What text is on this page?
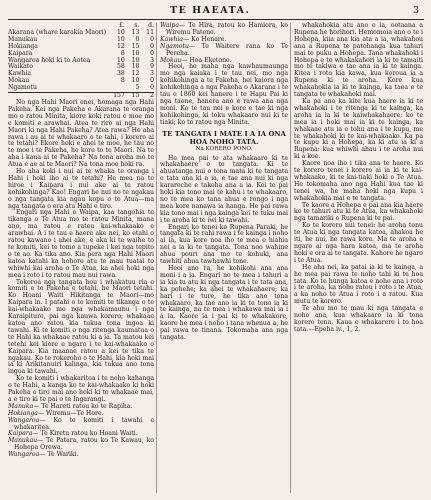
TE HAEATA.	3
	£.	s.	d.
Akarana (whare karakia Maori)	10	13	11
Manukau	10	0	0
Hokianga	12	15	0
Kaipara	8	10	0
Wangaroa hoki ki to Aotea	10	10	3
Waikato	58	18	9
Kawhia	38	12	3
Mokau	8	10	0
Ngamotu		5	0
	157	15	2

No nga Hahi Maori enei, homaga nga Hahi Pakeha. Kei nga Pakeha e Akarana te oranga mo o ratou Minita, kiore koki ratou e moe mo e komiti e arawhai. Atea te riro ai nga Hahi Maori ki nga Hahi Pakeha? Atea rawa? He aha rawa i au ai te whakaaro o te tahi, i korero ai te tetahi? Ekore hoki e ahei te moe, he tau no te moe i te Pakeha, he kore to te Maori. Na te aha i kaua ai te Pakeha? Na tona aroha mo te Atua e ae ai te Maori? Na tona moe hoki ra.

Ho aha koki i nui ai te whaka te oranga i Hahi i hoki iho ai te tetahi? He mea na te hiroe i Kaipara i nui ake ai te ratou kohikohinga? Kao! Engari he nui no te ngakau o nga tangata kia ngau kopu o te Atua—ma nga tangata o era atu Hahi e tiro.

Engari nga Hahi o Waipa, kaa tangohia te tikanga o Te Atua mo te ratou Minita, mana ano, ma ratou e rateu kai-whakaako e arawhai. A i te tau e haere ake nei, ko etahi o ratou kawano i ahei ake, e aka ki te waihe to te komiti, kei te tomo a tupeke i kei nga tepito o te ao. Ka tika ano. Kia pera nga Hahi Maori katoa katahi ka hohoro atu te mau tuatai to whiwhi kai aroha o Te Atua, ka ahei hoki nga mea i roto i to ratou mau nui rawa.

Tokoroa nga tangata hou i whakatuu ria e komiti e te Pakeha e tetahi, he Maori tetahi. Ko Hoani Waiti Hikitanga te Maori—mo Kaipara in. I patahi o te komiti te tikanga o te kai-whakaako mo nga whakamaunu i nga Karaipiture, pai nga kauwa korero; whakaae katoa ano ratou kia tukua tona ingoa ki tawahi. Ki te komiti o nga ritenga kaumatua o te Hahi ka whakaae ratou ki a ia. Ta matou kei tetehi kei kiore e ngaro i te kai-whakaako o Kaipara. Kia maanae ratou a kei te tika te ngakau. Ko te rokeroho o te Hahi, kia hoki mai ia ki Arikitanuiri kalinga, kia tukua ano tona ingoa ki tawahi.

Ko te komiti i whakaritea i te noho kahanga o te Hahi, a kanga ko te kai-whakaako ki hoki Pakeha e tiro mai ano hoki ki te whakaae mai, a e tiro ki te pai o te Ingarangi.

Manuka— Te Hareti ratou ko te Rapiha.

Hokianga— Wiremu—Te Hore.

Wangaroa— Ko te komiti i tawahi e whakaritea.

Kaipara— Te Kiretu ratou ko Hoani Waiti.

Manukau— Te Patara, ratou ko Te Kawau, ko Hohepa Orewa.

Wangaroa— Te Wariki.

Waipa— Te Hira, ratou ko Hamiora, ko Wiremu Patene.

Kawhia— Ko Henare.

Ngamotu— Te Waitere rana ko Te Pereha.

Mokau— Hoa Eketone.

Heoi, he maha nga kawhaumaunga mo nga kaiaka i te tau nei, mo nga kohikohinga a te Pakeha, hei kaiora nga kohikohinga a nga Pakeha o Akarana i te tau e 1860 kei hanere i te Hapu Pai ki nga taone, hanera ano e rawa ana nga moni. Ko te tau nei e kore e tae ki nga kohikohinga, ki toku whakaaro nui ki te tiaki; ko to ratou nga Minita.

TE TANGATA I MATE I A IA ONA HOA NOHO TATA.

Na KORERO PONO.

He mea pai te ata whakaaro ki te whakahaere o te tangata. Ki te ahuatanga nui o tona mata ki te tangata e tata ana ki a ia, e tae ana nui ki nga karareche e takoha ana a ia. Kei te pai hoki kia tono mai te kahu i te whakaaro, no te mea ko tana ahua e rongo i nga mea kore nanawa ia hanga. He pai rawa kia tono mai i nga kainga kei te tuku mai i te aroha ki te iwi ki tawahi.

Engari ko tenei ko Rupena Paraki, he tangata ki te rahi rawa i te kainga i noho ai ia, kua kore noa iho te mea e hiahia nei a ia ki te tangata. Tona noo wahine ahua pouri ana mo te kohuki, ana tawhiti ahua tawhawhi tone.

Heoi ano ra, he kohikohi ana ana moni i a ia. Engari no te mea i tahuri a ia kia tu atu ki nga tangata i te tata ana, ka pohehe; ka ahei te whakahaere; ka hari i te ture, he tika ano tona whakaaro, ka tae ano ia ki te tono ia ki te kainga, na te mea i whakawa mai ia i a ia. Kaore ia i pai ki te whakakore, kaore he mea i noho i tana whenua a, he pai rawa te tinana. Tokomaha ana nga tangata.

whakahokia atu ano e ia, ootaana a Rupena he horihori. Hemomoia ano o te i Hohepa, kiia ana kia ata a ia, whakahou ana a Rupena te patohanga kua tahuri mai te puku a Hohepa. Tana whakahoki i Hohepa e te whakakahori ia ki te tamaiti mo te takiwa e tae ana ia ki te kainga. Kitea i roto kia kawa, kua koroua ia a Rupena ki te aroha. Kore kua whakahokia ia ki te kainga, ka taea e te tangata te whakahoki mai.

Ka pa ano ka kite kua haere ia ki te whakahoki i te ritenga ki te kainga, ka aroha ia ia ki te kaiwhakahaere; ko te mea ia i hoki mai ia ki te kainga, ka whakaae atu ia e tohu ana i te kupu, me te whakahoki ki te kai-whakaako. Ka pa te kupu ki a Hohepa, ka ki atu ia ki a Rupena: kua whiwhi ahau i te aroha nui ki a koe.

Kaore noa iho i tika ana te haere. Ko te korero tenei i korero ai ia ki te kai-whakaako, ki te kai-tiaki hoki o Te Atua. He tokomaha ano nga Hahi kua tae ki tenei wa, he maha hoki nga kupu i whakahokia mai e te tangata.

Te kaore a Hohepa e pai ana kia haere ko te tahuri atu ki te Atua, ka whakahoki nga tamariki o Rupena ki te pai.

Ko te korero nui tenei: he aroha tonu te Atua ki nga tangata katoa, ahakoa he iti, he nui, he rawa kore. Ma te aroha e ngaro ai nga hara katoa, ma te aroha hoki e ora ai te tangata. Kahore he ngaro i te Atua.

He aha nei, ka patai ia ki te kainga, a he mea pai rawa te noho tahi ki te hoa tata. Ko te hunga katoa e noho ana i roto i te aroha, ka noho ratou i roto i te Atua, a ka noho te Atua i roto i a ratou. Kua mutu te korero.

Te ahu mo te mau ki nga tangata e noho ana, kua whakaaro ia ki tona korero tena. Kaua e whakarere i to hoa tata.—Epeha iv., 1, 2.
